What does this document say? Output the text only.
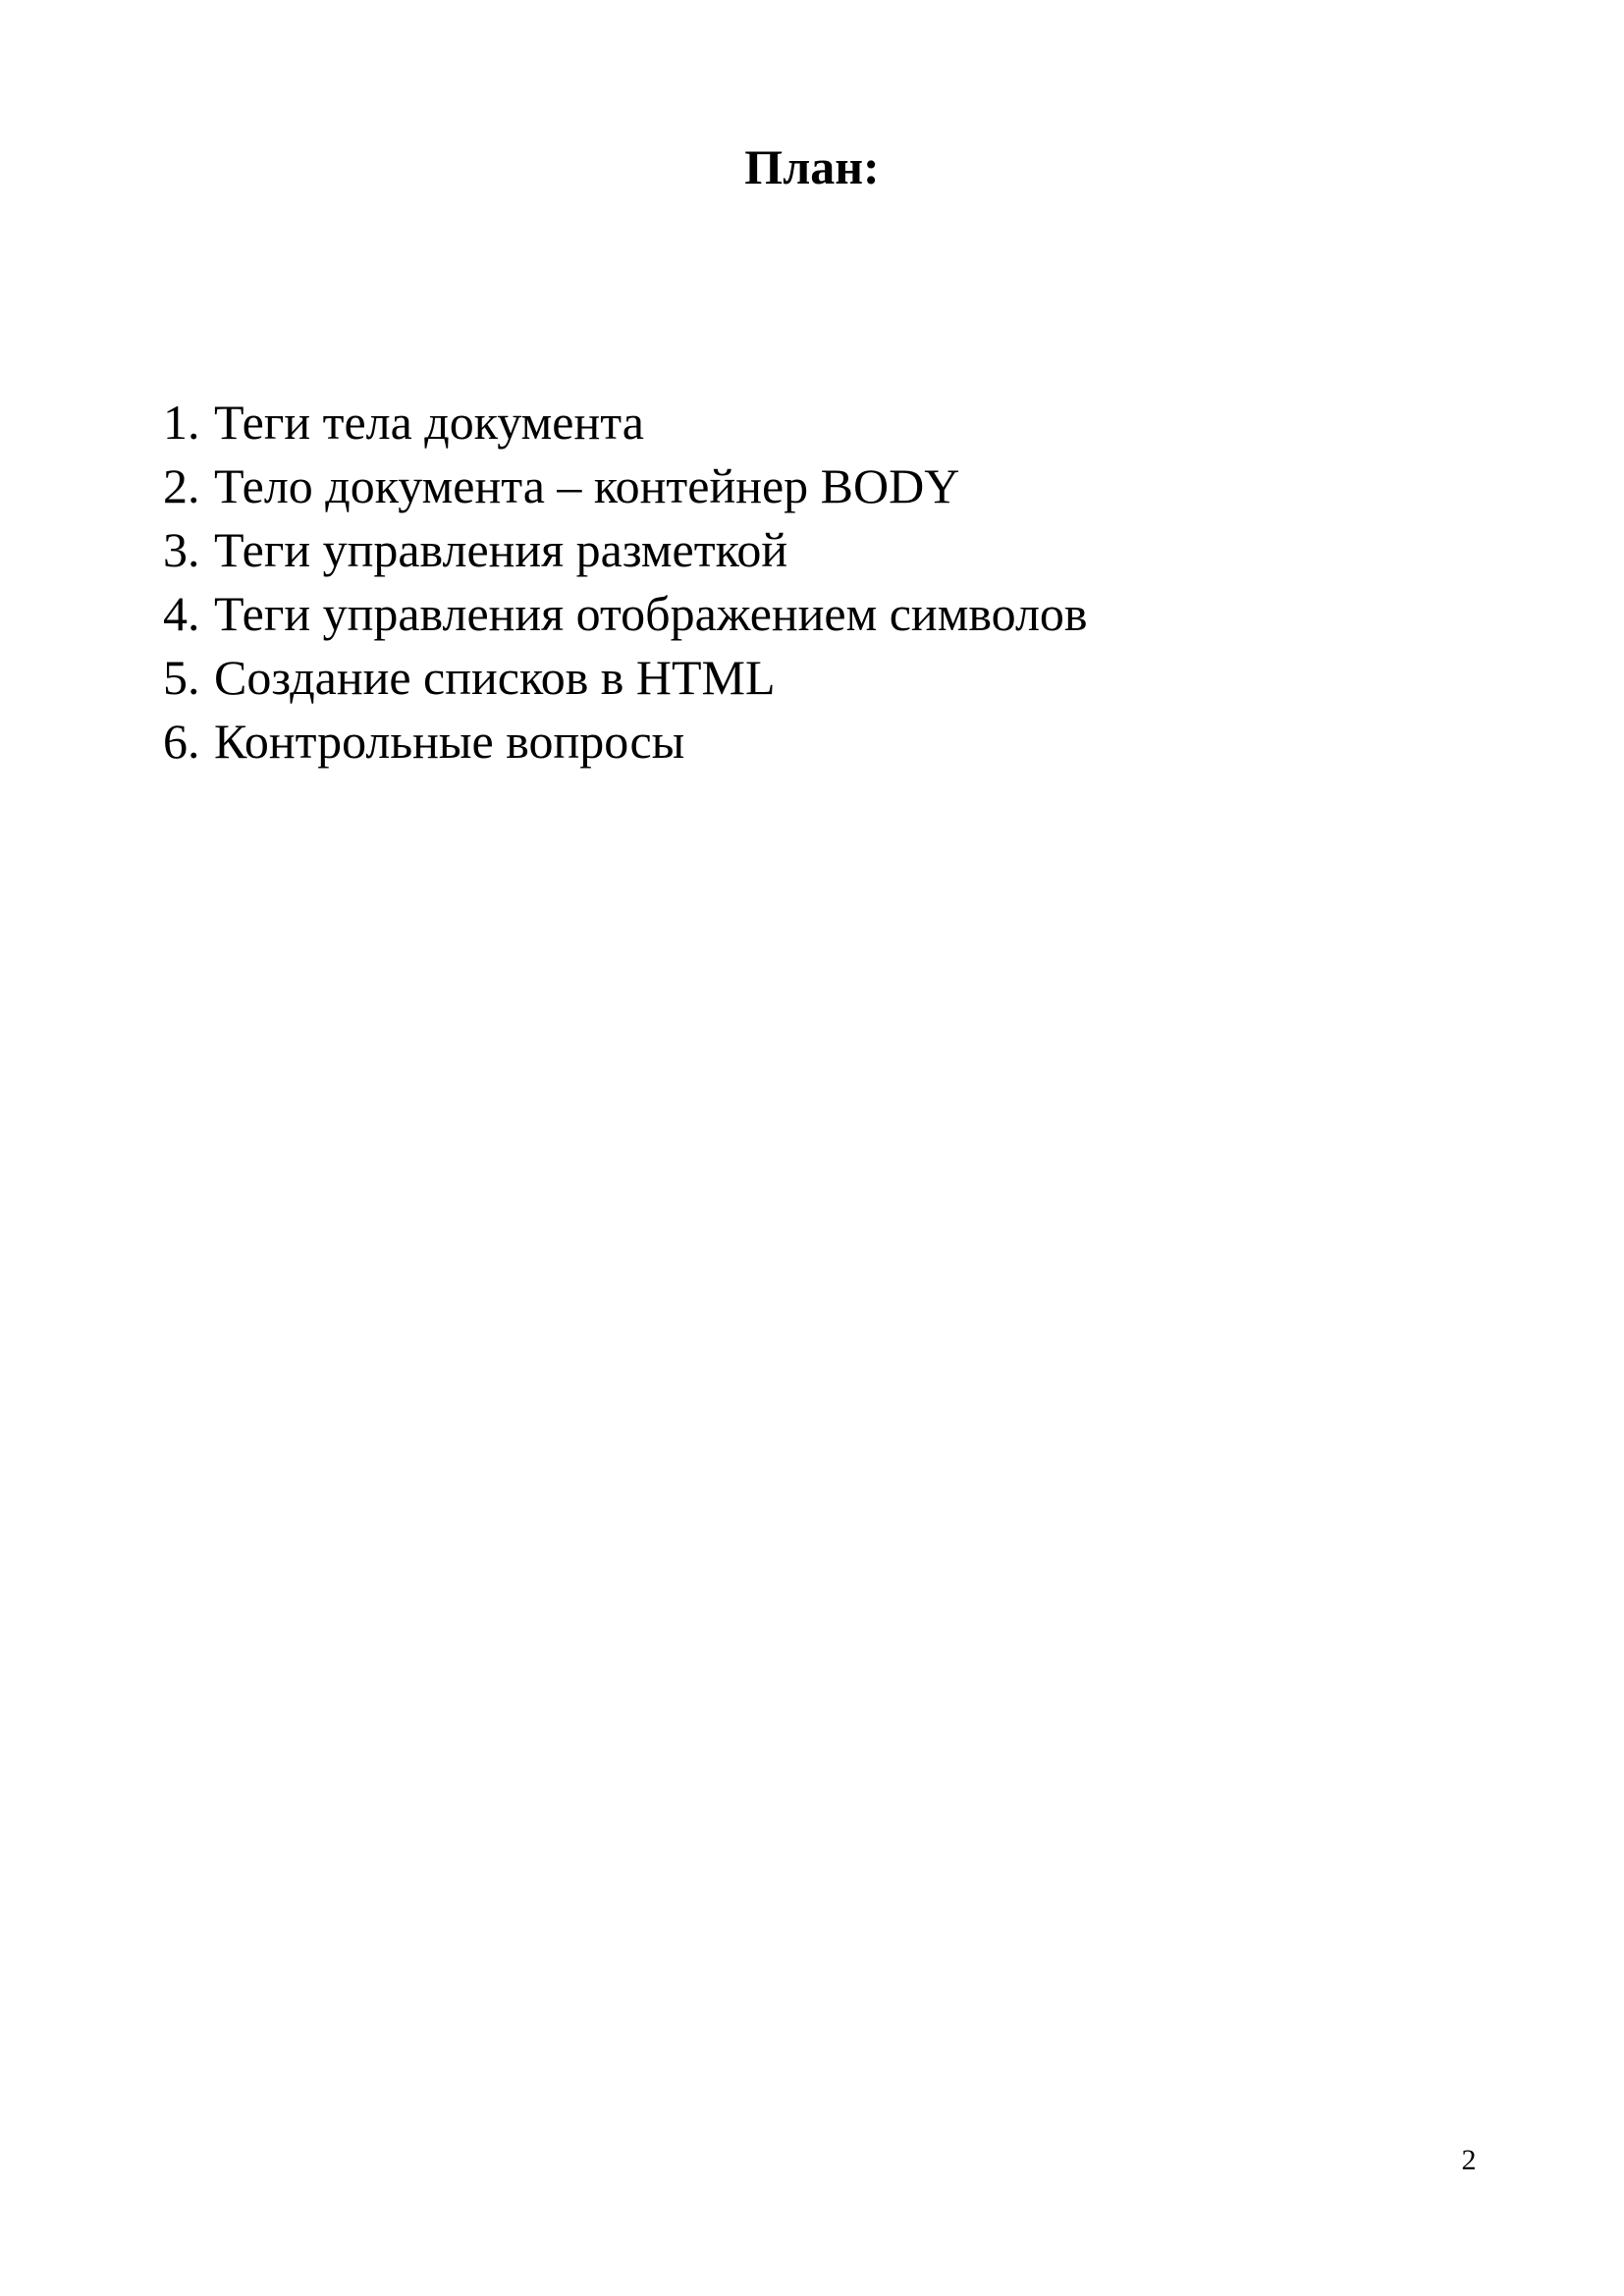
План:
1. Теги тела документа
2. Тело документа – контейнер BODY
3. Теги управления разметкой
4. Теги управления отображением символов
5. Создание списков в HTML
6. Контрольные вопросы
2
